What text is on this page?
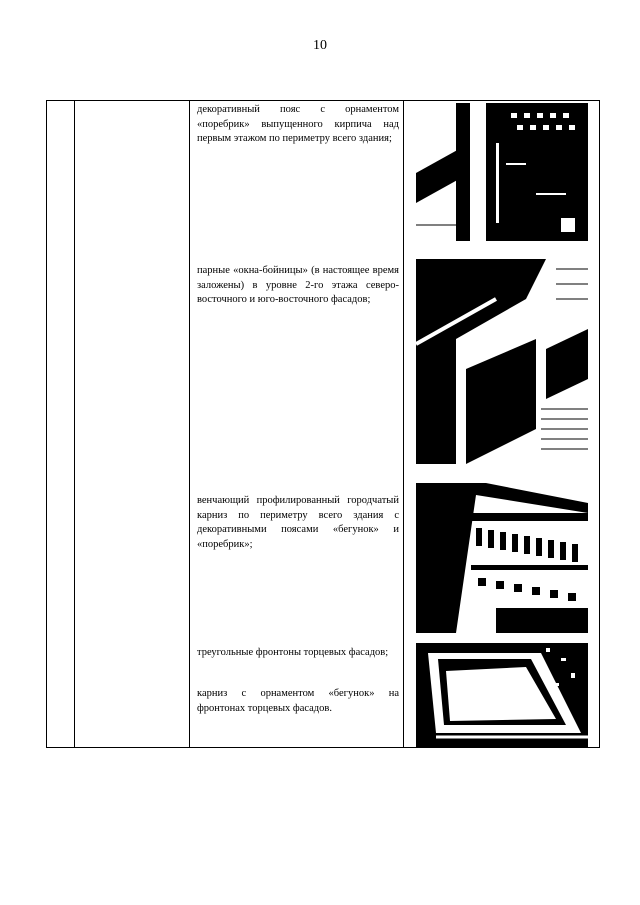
10

декоративный пояс с орнаментом «поребрик» выпущенного кирпича над первым этажом по периметру всего здания;

парные «окна-бойницы» (в настоящее время заложены) в уровне 2-го этажа северо-восточного и юго-восточного фасадов;

венчающий профилированный городчатый карниз по периметру всего здания с декоративными поясами «бегунок» и «поребрик»;

треугольные фронтоны торцевых фасадов;

карниз с орнаментом «бегунок» на фронтонах торцевых фасадов.
